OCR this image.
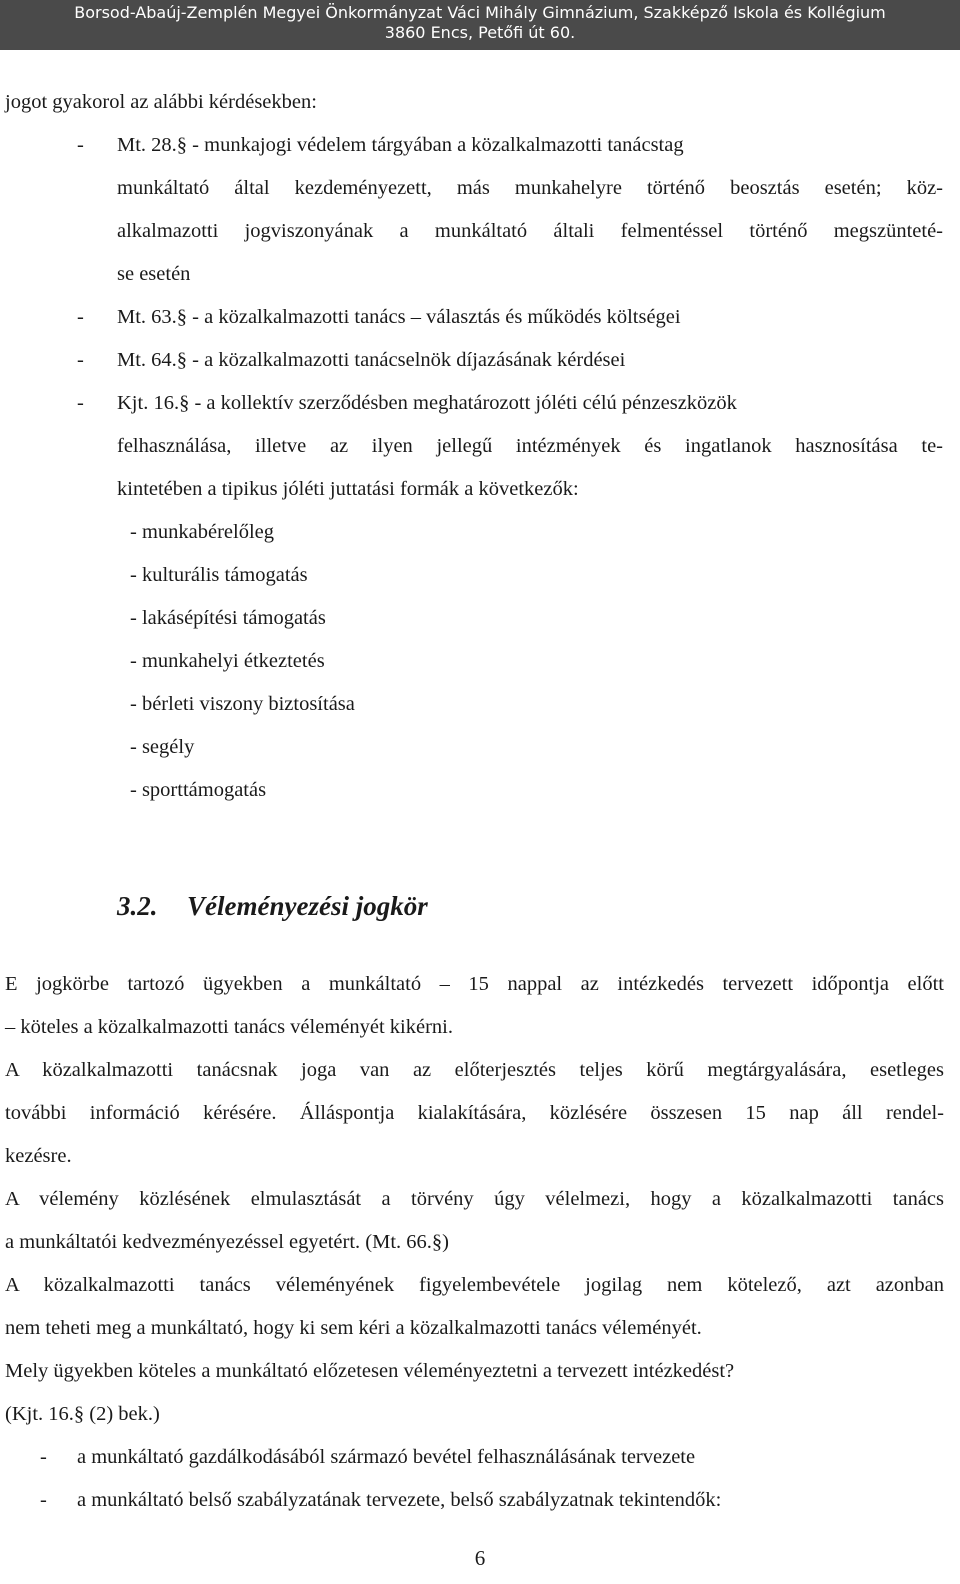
Borsod-Abaúj-Zemplén Megyei Önkormányzat Váci Mihály Gimnázium, Szakképző Iskola és Kollégium
3860 Encs, Petőfi út 60.
jogot gyakorol az alábbi kérdésekben:
- Mt. 28.§ - munkajogi védelem tárgyában a közalkalmazotti tanácstag
munkáltató által kezdeményezett, más munkahelyre történő beosztás esetén; köz-
alkalmazotti jogviszonyának a munkáltató általi felmentéssel történő megszünteté-
se esetén
- Mt. 63.§ - a közalkalmazotti tanács – választás és működés költségei
- Mt. 64.§ - a közalkalmazotti tanácselnök díjazásának kérdései
- Kjt. 16.§ - a kollektív szerződésben meghatározott jóléti célú pénzeszközök
felhasználása, illetve az ilyen jellegű intézmények és ingatlanok hasznosítása te-
kintetében a tipikus jóléti juttatási formák a következők:
- munkabérelőleg
- kulturális támogatás
- lakásépítési támogatás
- munkahelyi étkeztetés
- bérleti viszony biztosítása
- segély
- sporttámogatás
3.2. Véleményezési jogkör
E jogkörbe tartozó ügyekben a munkáltató – 15 nappal az intézkedés tervezett időpontja előtt
– köteles a közalkalmazotti tanács véleményét kikérni.
A közalkalmazotti tanácsnak joga van az előterjesztés teljes körű megtárgyalására, esetleges
további információ kérésére. Álláspontja kialakítására, közlésére összesen 15 nap áll rendel-
kezésre.
A vélemény közlésének elmulasztását a törvény úgy vélelmezi, hogy a közalkalmazotti tanács
a munkáltatói kedvezményezéssel egyetért. (Mt. 66.§)
A közalkalmazotti tanács véleményének figyelembevétele jogilag nem kötelező, azt azonban
nem teheti meg a munkáltató, hogy ki sem kéri a közalkalmazotti tanács véleményét.
Mely ügyekben köteles a munkáltató előzetesen véleményeztetni a tervezett intézkedést?
(Kjt. 16.§ (2) bek.)
- a munkáltató gazdálkodásából származó bevétel felhasználásának tervezete
- a munkáltató belső szabályzatának tervezete, belső szabályzatnak tekintendők:
6
